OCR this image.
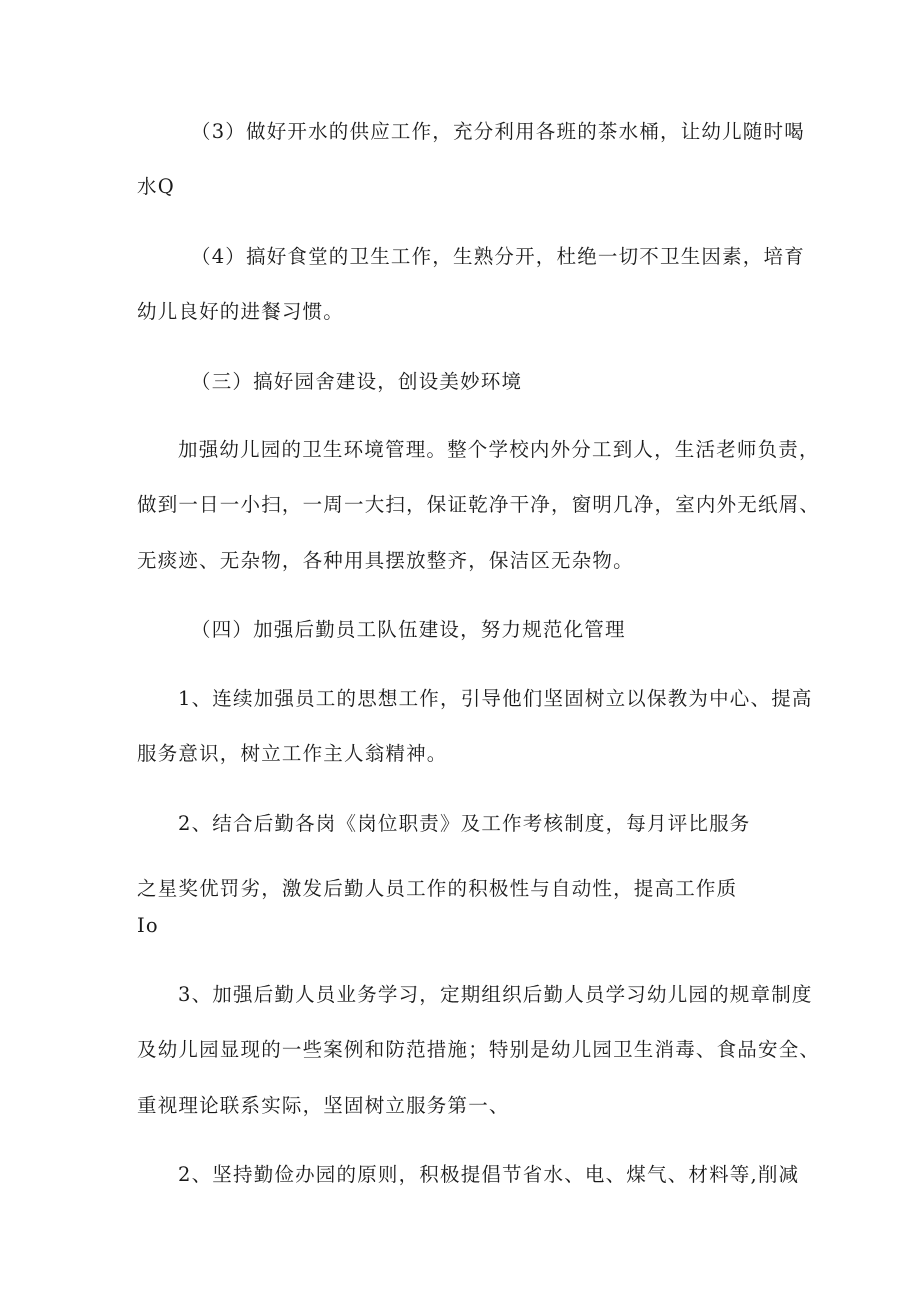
（3）做好开水的供应工作，充分利用各班的茶水桶，让幼儿随时喝
水Q
（4）搞好食堂的卫生工作，生熟分开，杜绝一切不卫生因素，培育
幼儿良好的进餐习惯。
（三）搞好园舍建设，创设美妙环境
加强幼儿园的卫生环境管理。整个学校内外分工到人，生活老师负责，
做到一日一小扫，一周一大扫，保证乾净干净，窗明几净，室内外无纸屑、
无痰迹、无杂物，各种用具摆放整齐，保洁区无杂物。
（四）加强后勤员工队伍建设，努力规范化管理
1、连续加强员工的思想工作，引导他们坚固树立以保教为中心、提高
服务意识，树立工作主人翁精神。
2、结合后勤各岗《岗位职责》及工作考核制度，每月评比服务
之星奖优罚劣，激发后勤人员工作的积极性与自动性，提高工作质
Io
3、加强后勤人员业务学习，定期组织后勤人员学习幼儿园的规章制度
及幼儿园显现的一些案例和防范措施；特别是幼儿园卫生消毒、食品安全、
重视理论联系实际，坚固树立服务第一、
2、坚持勤俭办园的原则，积极提倡节省水、电、煤气、材料等,削减
